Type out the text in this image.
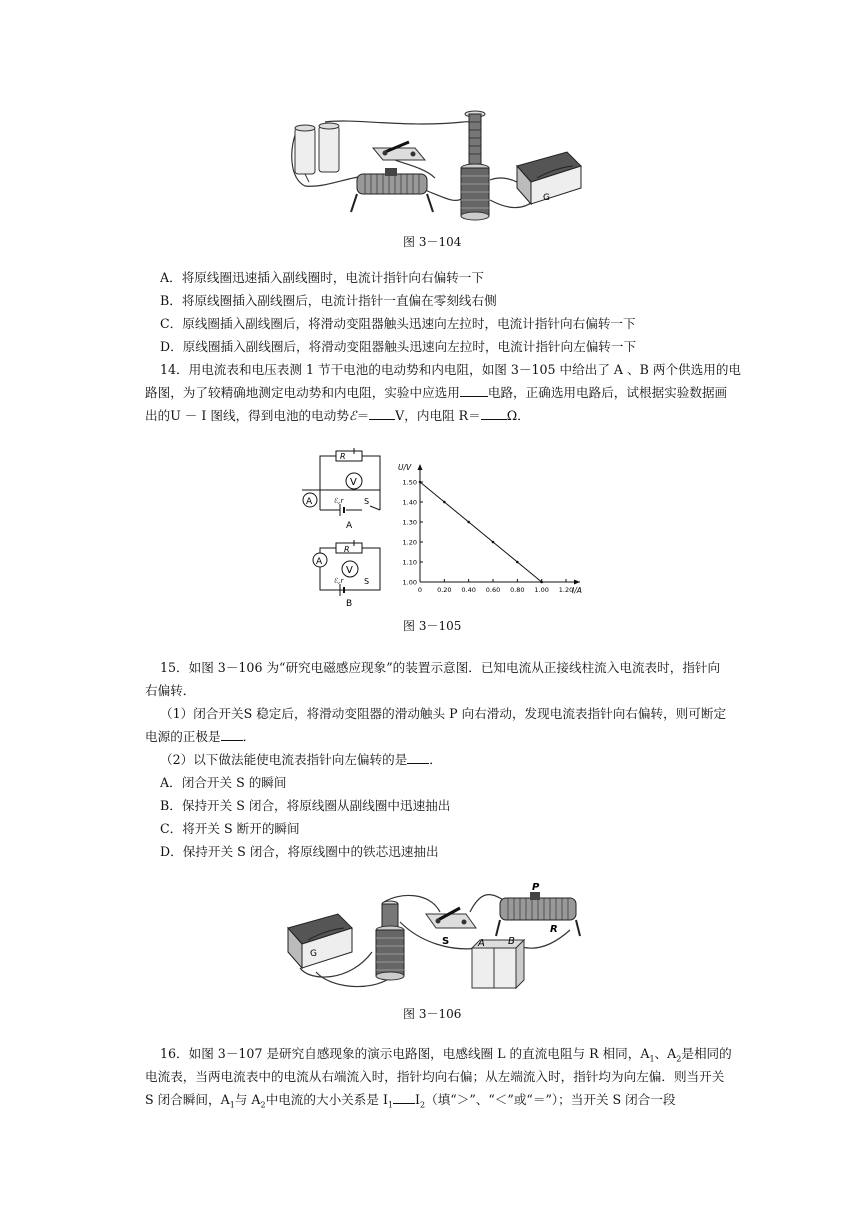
G
图 3－104
A．将原线圈迅速插入副线圈时，电流计指针向右偏转一下
B．将原线圈插入副线圈后，电流计指针一直偏在零刻线右侧
C．原线圈插入副线圈后，将滑动变阻器触头迅速向左拉时，电流计指针向右偏转一下
D．原线圈插入副线圈后，将滑动变阻器触头迅速向左拉时，电流计指针向左偏转一下
14．用电流表和电压表测 1 节干电池的电动势和内电阻，如图 3－105 中给出了 A 、B 两个供选用的电
路图，为了较精确地测定电动势和内电阻，实验中应选用 电路，正确选用电路后，试根据实验数据画
出的U － I 图线，得到电池的电动势ℰ＝ V，内电阻 R＝ Ω．
V
A
R
ℰ,r	S
A
A
V
R
ℰ,r	S
B
0 0.20 0.40 0.60 0.80 1.00 1.20
1.00
1.10
1.20
1.30
1.40
1.50
U/V
I/A
图 3－105
15．如图 3－106 为“研究电磁感应现象”的装置示意图．已知电流从正接线柱流入电流表时，指针向
右偏转．
（1）闭合开关S 稳定后，将滑动变阻器的滑动触头 P 向右滑动，发现电流表指针向右偏转，则可断定
电源的正极是 ．
（2）以下做法能使电流表指针向左偏转的是 ．
A．闭合开关 S 的瞬间
B．保持开关 S 闭合，将原线圈从副线圈中迅速抽出
C．将开关 S 断开的瞬间
D．保持开关 S 闭合，将原线圈中的铁芯迅速抽出
G
S	A B
P
R
图 3－106
16．如图 3－107 是研究自感现象的演示电路图，电感线圈 L 的直流电阻与 R 相同，$A_1$、$A_2$是相同的
电流表，当两电流表中的电流从右端流入时，指针均向右偏；从左端流入时，指针均为向左偏．则当开关
S 闭合瞬间，$A_1$与 $A_2$中电流的大小关系是 $I_1$ $I_2$（填“＞”、“＜”或“＝”）；当开关 S 闭合一段
